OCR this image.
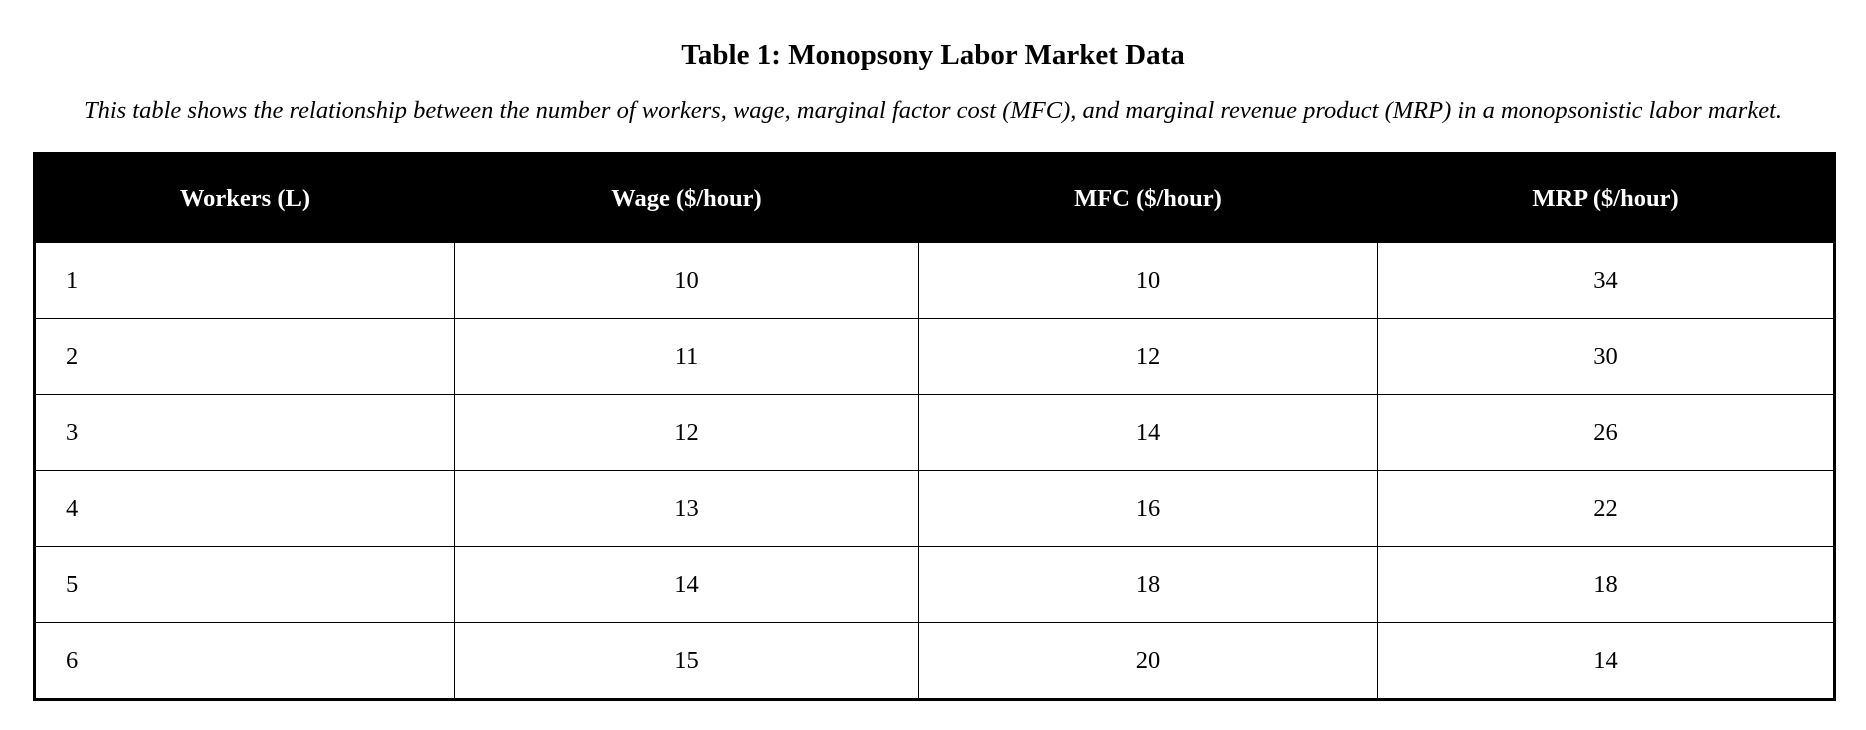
Table 1: Monopsony Labor Market Data

This table shows the relationship between the number of workers, wage, marginal factor cost (MFC), and marginal revenue product (MRP) in a monopsonistic labor market.

Workers (L)	Wage ($/hour)	MFC ($/hour)	MRP ($/hour)
1	10	10	34
2	11	12	30
3	12	14	26
4	13	16	22
5	14	18	18
6	15	20	14
